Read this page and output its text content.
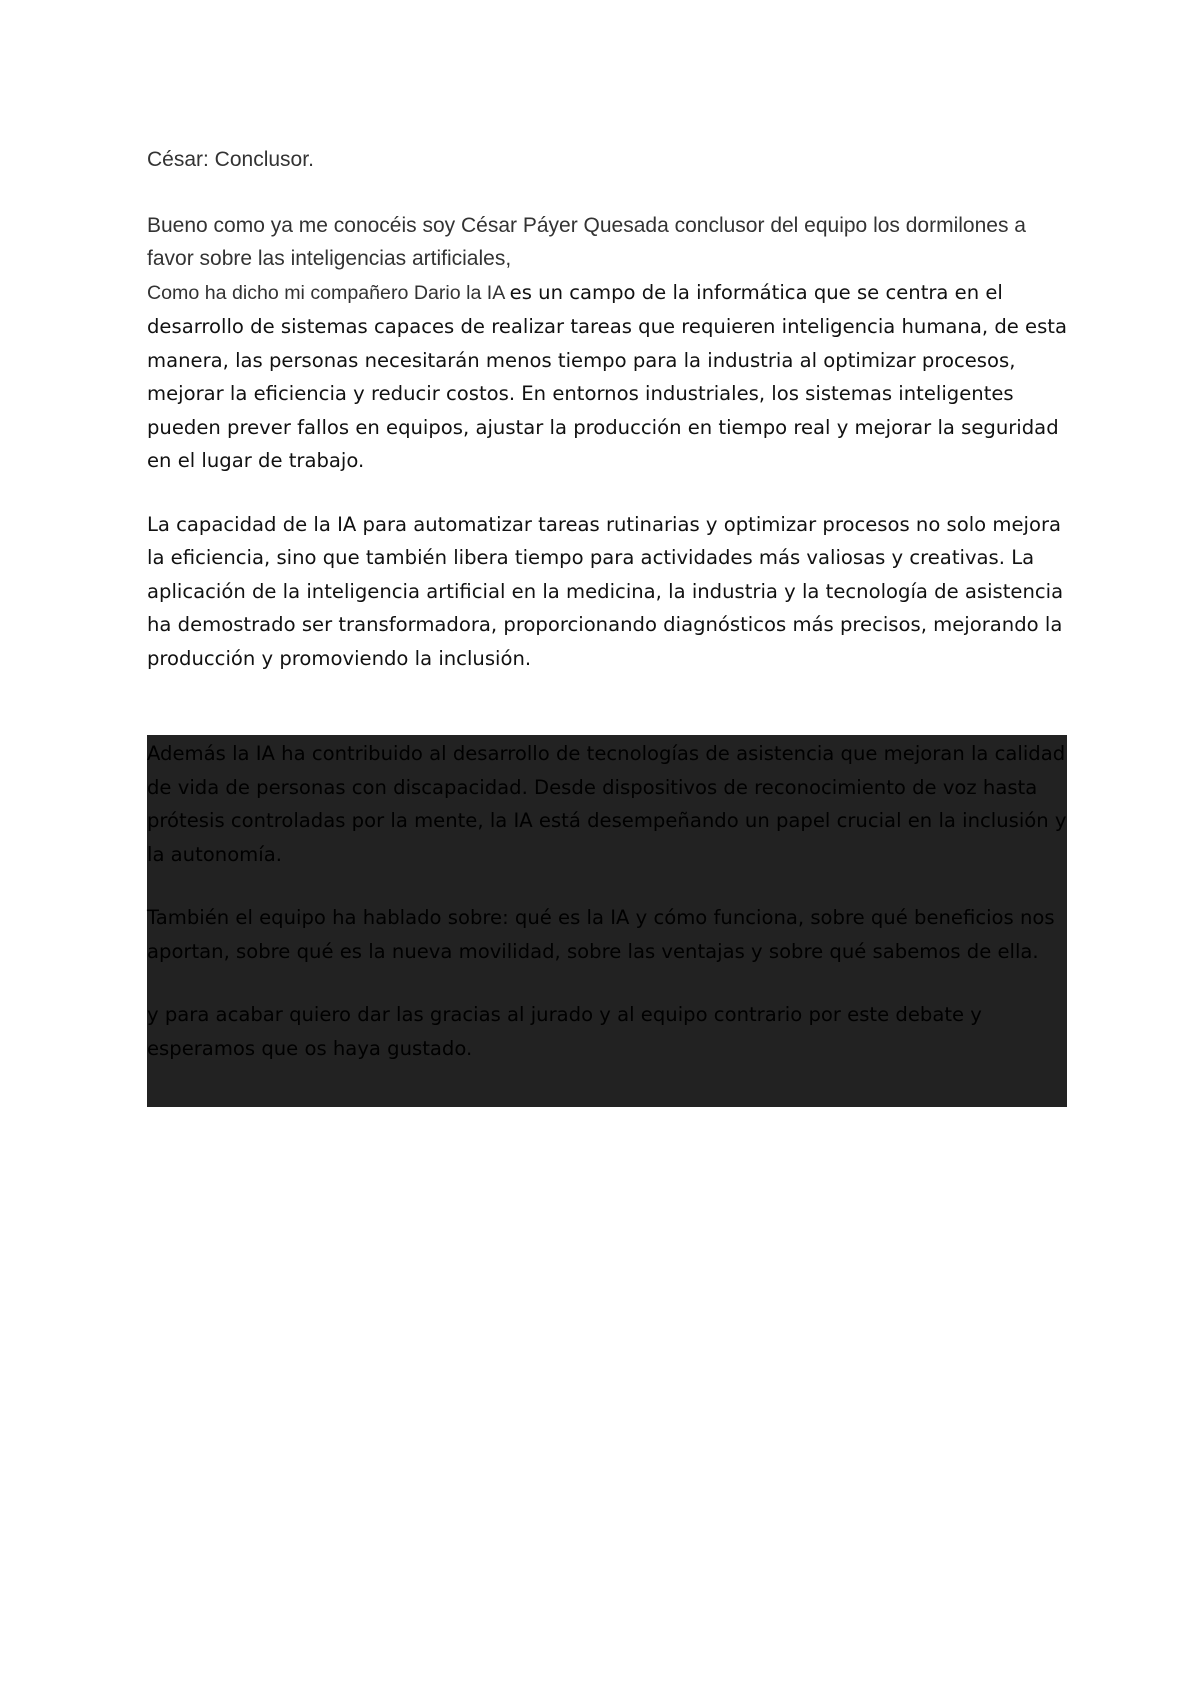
César: Conclusor.

Bueno como ya me conocéis soy César Páyer Quesada conclusor del equipo los dormilones a favor sobre las inteligencias artificiales,

Como ha dicho mi compañero Dario la IA es un campo de la informática que se centra en el desarrollo de sistemas capaces de realizar tareas que requieren inteligencia humana, de esta manera, las personas necesitarán menos tiempo para la industria al optimizar procesos, mejorar la eficiencia y reducir costos. En entornos industriales, los sistemas inteligentes pueden prever fallos en equipos, ajustar la producción en tiempo real y mejorar la seguridad en el lugar de trabajo.

La capacidad de la IA para automatizar tareas rutinarias y optimizar procesos no solo mejora la eficiencia, sino que también libera tiempo para actividades más valiosas y creativas. La aplicación de la inteligencia artificial en la medicina, la industria y la tecnología de asistencia ha demostrado ser transformadora, proporcionando diagnósticos más precisos, mejorando la producción y promoviendo la inclusión.

Además la IA ha contribuido al desarrollo de tecnologías de asistencia que mejoran la calidad de vida de personas con discapacidad. Desde dispositivos de reconocimiento de voz hasta prótesis controladas por la mente, la IA está desempeñando un papel crucial en la inclusión y la autonomía.

También el equipo ha hablado sobre: qué es la IA y cómo funciona, sobre qué beneficios nos aportan, sobre qué es la nueva movilidad, sobre las ventajas y sobre qué sabemos de ella.

y para acabar quiero dar las gracias al jurado y al equipo contrario por este debate y esperamos que os haya gustado.
